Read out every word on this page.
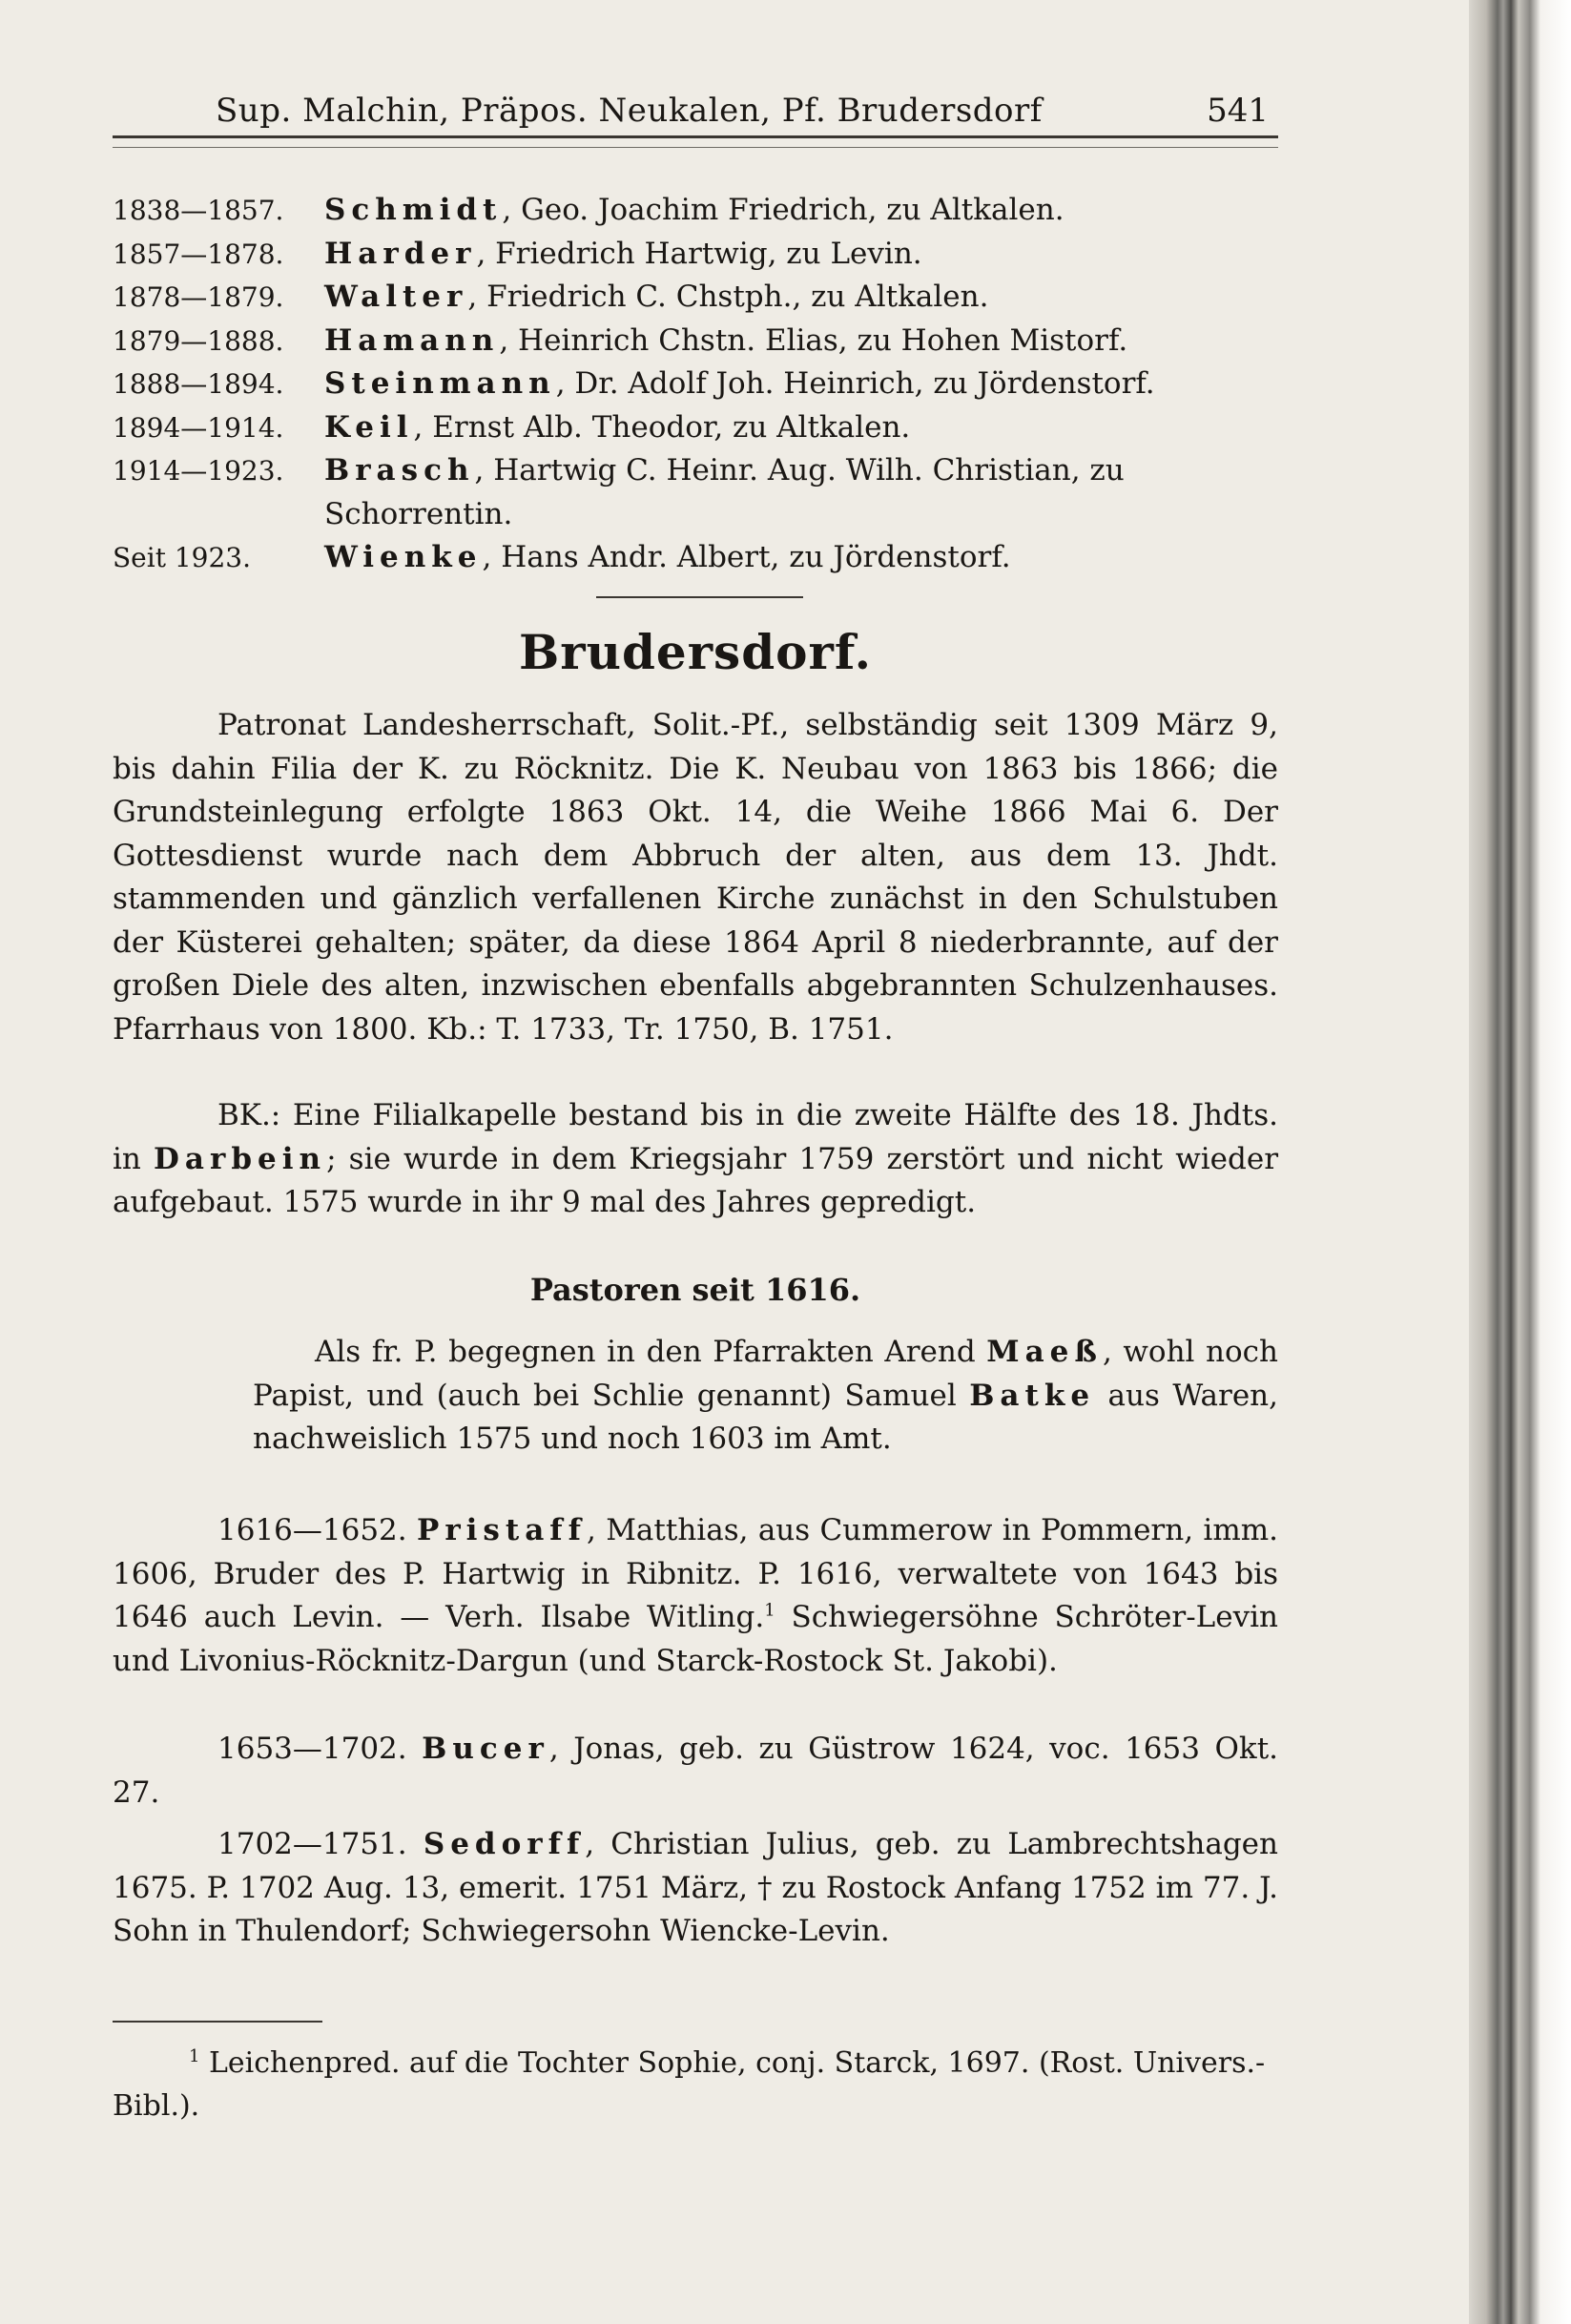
Sup. Malchin, Präpos. Neukalen, Pf. Brudersdorf	541
1838—1857.	Schmidt, Geo. Joachim Friedrich, zu Altkalen.
1857—1878.	Harder, Friedrich Hartwig, zu Levin.
1878—1879.	Walter, Friedrich C. Chstph., zu Altkalen.
1879—1888.	Hamann, Heinrich Chstn. Elias, zu Hohen Mistorf.
1888—1894.	Steinmann, Dr. Adolf Joh. Heinrich, zu Jördenstorf.
1894—1914.	Keil, Ernst Alb. Theodor, zu Altkalen.
1914—1923.	Brasch, Hartwig C. Heinr. Aug. Wilh. Christian, zu Schorrentin.
Seit 1923.	Wienke, Hans Andr. Albert, zu Jördenstorf.
Brudersdorf.
Patronat Landesherrschaft, Solit.-Pf., selbständig seit 1309 März 9, bis dahin Filia der K. zu Röcknitz. Die K. Neubau von 1863 bis 1866; die Grundsteinlegung erfolgte 1863 Okt. 14, die Weihe 1866 Mai 6. Der Gottesdienst wurde nach dem Abbruch der alten, aus dem 13. Jhdt. stammenden und gänzlich verfallenen Kirche zunächst in den Schulstuben der Küsterei gehalten; später, da diese 1864 April 8 niederbrannte, auf der großen Diele des alten, inzwischen ebenfalls abgebrannten Schulzenhauses. Pfarrhaus von 1800. Kb.: T. 1733, Tr. 1750, B. 1751.
BK.: Eine Filialkapelle bestand bis in die zweite Hälfte des 18. Jhdts. in Darbein; sie wurde in dem Kriegsjahr 1759 zerstört und nicht wieder aufgebaut. 1575 wurde in ihr 9 mal des Jahres gepredigt.
Pastoren seit 1616.
Als fr. P. begegnen in den Pfarrakten Arend Maeß, wohl noch Papist, und (auch bei Schlie genannt) Samuel Batke aus Waren, nachweislich 1575 und noch 1603 im Amt.
1616—1652. Pristaff, Matthias, aus Cummerow in Pommern, imm. 1606, Bruder des P. Hartwig in Ribnitz. P. 1616, verwaltete von 1643 bis 1646 auch Levin. — Verh. Ilsabe Witling.$^1$ Schwiegersöhne Schröter-Levin und Livonius-Röcknitz-Dargun (und Starck-Rostock St. Jakobi).
1653—1702. Bucer, Jonas, geb. zu Güstrow 1624, voc. 1653 Okt. 27.
1702—1751. Sedorff, Christian Julius, geb. zu Lambrechtshagen 1675. P. 1702 Aug. 13, emerit. 1751 März, † zu Rostock Anfang 1752 im 77. J. Sohn in Thulendorf; Schwiegersohn Wiencke-Levin.
$^1$ Leichenpred. auf die Tochter Sophie, conj. Starck, 1697. (Rost. Univers.-Bibl.).
